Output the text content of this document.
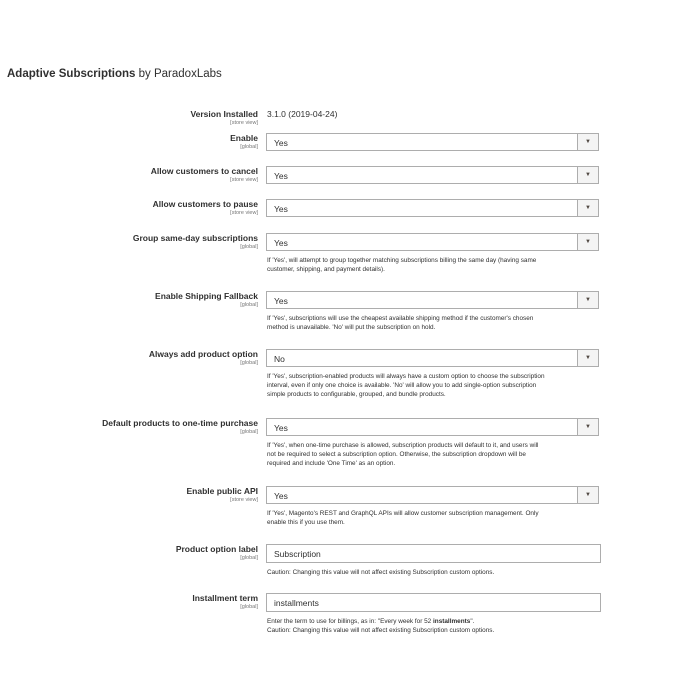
Adaptive Subscriptions by ParadoxLabs
Version Installed
[store view]
3.1.0 (2019-04-24)
Enable
[global] Yes	▼
Allow customers to cancel
[store view] Yes	▼
Allow customers to pause
[store view] Yes	▼
Group same-day subscriptions
[global] Yes	▼
If 'Yes', will attempt to group together matching subscriptions billing the same day (having same
customer, shipping, and payment details).
Enable Shipping Fallback
[global] Yes	▼
If 'Yes', subscriptions will use the cheapest available shipping method if the customer's chosen
method is unavailable. 'No' will put the subscription on hold.
Always add product option
[global] No	▼
If 'Yes', subscription-enabled products will always have a custom option to choose the subscription
interval, even if only one choice is available. 'No' will allow you to add single-option subscription
simple products to configurable, grouped, and bundle products.
Default products to one-time purchase
[global] Yes	▼
If 'Yes', when one-time purchase is allowed, subscription products will default to it, and users will
not be required to select a subscription option. Otherwise, the subscription dropdown will be
required and include 'One Time' as an option.
Enable public API
[store view] Yes	▼
If 'Yes', Magento's REST and GraphQL APIs will allow customer subscription management. Only
enable this if you use them.
Product option label
[global] Subscription
Caution: Changing this value will not affect existing Subscription custom options.
Installment term
[global] installments
Enter the term to use for billings, as in: "Every week for 52 installments".
Caution: Changing this value will not affect existing Subscription custom options.
